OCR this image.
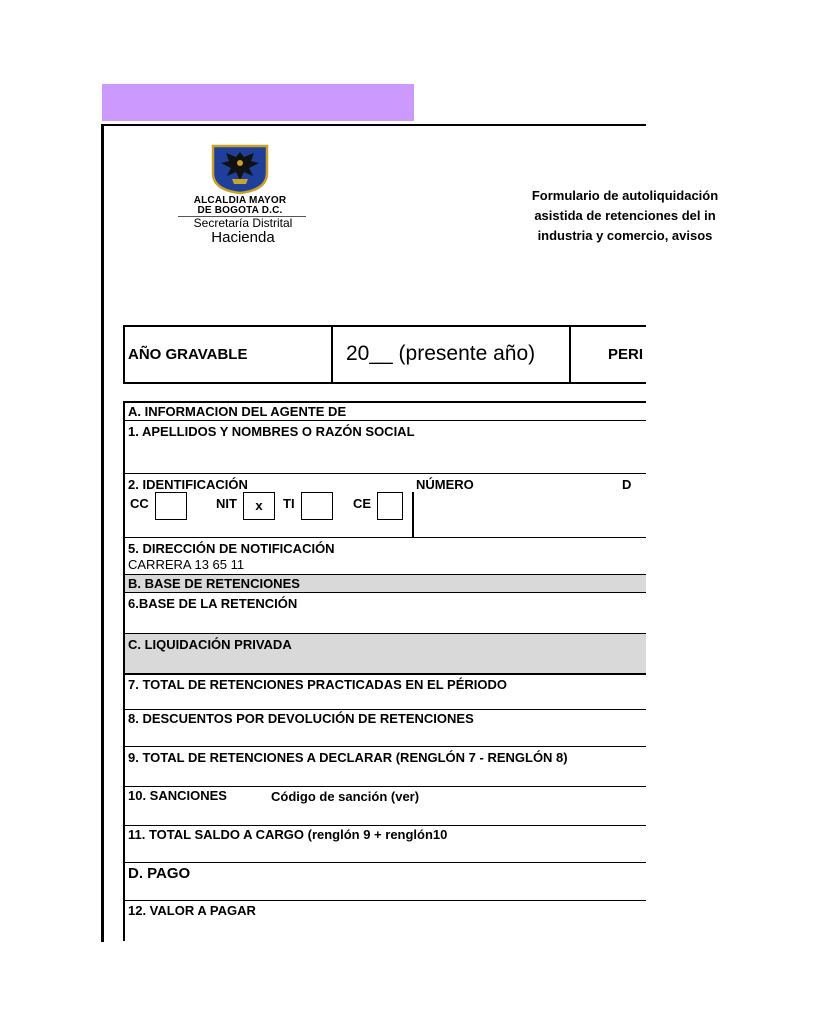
ALCALDIA MAYOR
DE BOGOTA D.C.
Secretaría Distrital
Hacienda
Formulario de autoliquidación
asistida de retenciones del in
industria y comercio, avisos
AÑO GRAVABLE	20__ (presente año)	PERI
A. INFORMACION DEL AGENTE DE
1. APELLIDOS Y NOMBRES O RAZÓN SOCIAL
2. IDENTIFICACIÓN	NÚMERO	D
CC	NIT	x	TI	CE
5. DIRECCIÓN DE NOTIFICACIÓN
CARRERA 13 65 11
B. BASE DE RETENCIONES
6.BASE DE LA RETENCIÓN
C. LIQUIDACIÓN PRIVADA
7. TOTAL DE RETENCIONES PRACTICADAS EN EL PÉRIODO
8. DESCUENTOS POR DEVOLUCIÓN DE RETENCIONES
9. TOTAL DE RETENCIONES A DECLARAR (RENGLÓN 7 - RENGLÓN 8)
10. SANCIONES	Código de sanción (ver)
11. TOTAL SALDO A CARGO (renglón 9 + renglón10
D. PAGO
12. VALOR A PAGAR
